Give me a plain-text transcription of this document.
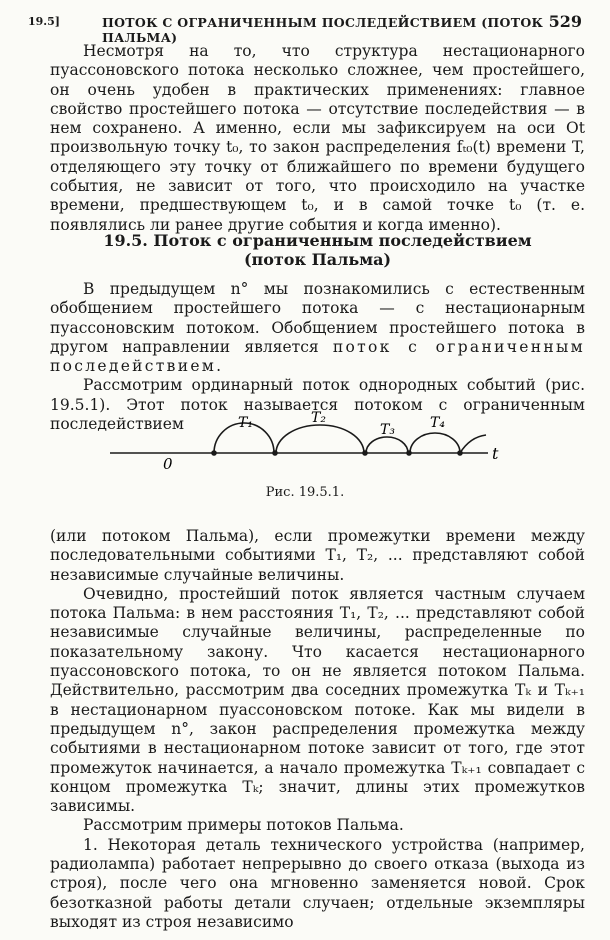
19.5]	ПОТОК С ОГРАНИЧЕННЫМ ПОСЛЕДЕЙСТВИЕМ (ПОТОК ПАЛЬМА)
529

Несмотря на то, что структура нестационарного пуассоновского потока несколько сложнее, чем простейшего, он очень удобен в практических применениях: главное свойство простейшего потока — отсутствие последействия — в нем сохранено. А именно, если мы зафиксируем на оси Ot произвольную точку t₀, то закон распределения fₜ₀(t) времени T, отделяющего эту точку от ближайшего по времени будущего события, не зависит от того, что происходило на участке времени, предшествующем t₀, и в самой точке t₀ (т. е. появлялись ли ранее другие события и когда именно).

19.5. Поток с ограниченным последействием
(поток Пальма)

В предыдущем n° мы познакомились с естественным обобщением простейшего потока — с нестационарным пуассоновским потоком. Обобщением простейшего потока в другом направлении является поток с ограниченным последействием.

Рассмотрим ординарный поток однородных событий (рис. 19.5.1). Этот поток называется потоком с ограниченным последействием

0
t
T₁	T₂
T₃	T₄
Рис. 19.5.1.

(или потоком Пальма), если промежутки времени между последовательными событиями T₁, T₂, ... представляют собой независимые случайные величины.

Очевидно, простейший поток является частным случаем потока Пальма: в нем расстояния T₁, T₂, ... представляют собой независимые случайные величины, распределенные по показательному закону. Что касается нестационарного пуассоновского потока, то он не является потоком Пальма. Действительно, рассмотрим два соседних промежутка Tₖ и Tₖ₊₁ в нестационарном пуассоновском потоке. Как мы видели в предыдущем n°, закон распределения промежутка между событиями в нестационарном потоке зависит от того, где этот промежуток начинается, а начало промежутка Tₖ₊₁ совпадает с концом промежутка Tₖ; значит, длины этих промежутков зависимы.

Рассмотрим примеры потоков Пальма.

1. Некоторая деталь технического устройства (например, радиолампа) работает непрерывно до своего отказа (выхода из строя), после чего она мгновенно заменяется новой. Срок безотказной работы детали случаен; отдельные экземпляры выходят из строя независимо
